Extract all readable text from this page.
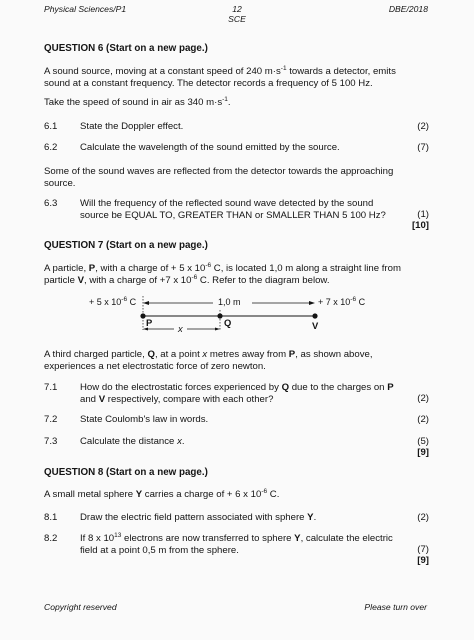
Physical Sciences/P1	12
SCE
DBE/2018
QUESTION 6 (Start on a new page.)
A sound source, moving at a constant speed of 240 $m\cdot s^{-1}$ towards a detector, emits sound at a constant frequency. The detector records a frequency of 5 100 Hz.
Take the speed of sound in air as 340 $m\cdot s^{-1}$.
6.1 State the Doppler effect.	(2)
6.2 Calculate the wavelength of the sound emitted by the source.	(7)
Some of the sound waves are reflected from the detector towards the approaching source.
6.3 Will the frequency of the reflected sound wave detected by the sound source be EQUAL TO, GREATER THAN or SMALLER THAN 5 100 Hz?	(1)
[10]
QUESTION 7 (Start on a new page.)
A particle, P, with a charge of + 5 x $10^{-6}$ C, is located 1,0 m along a straight line from particle V, with a charge of +7 x $10^{-6}$ C. Refer to the diagram below.
+ 5 x $10^{-6}$ C	1,0 m	+ 7 x $10^{-6}$ C
P	Q	V
x
A third charged particle, Q, at a point x metres away from P, as shown above, experiences a net electrostatic force of zero newton.
7.1 How do the electrostatic forces experienced by Q due to the charges on P and V respectively, compare with each other?	(2)
7.2 State Coulomb's law in words.	(2)
7.3 Calculate the distance x.	(5)
[9]
QUESTION 8 (Start on a new page.)
A small metal sphere Y carries a charge of + 6 x $10^{-6}$ C.
8.1 Draw the electric field pattern associated with sphere Y.	(2)
8.2 If 8 x $10^{13}$ electrons are now transferred to sphere Y, calculate the electric field at a point 0,5 m from the sphere.	(7)
[9]
Copyright reserved	Please turn over
